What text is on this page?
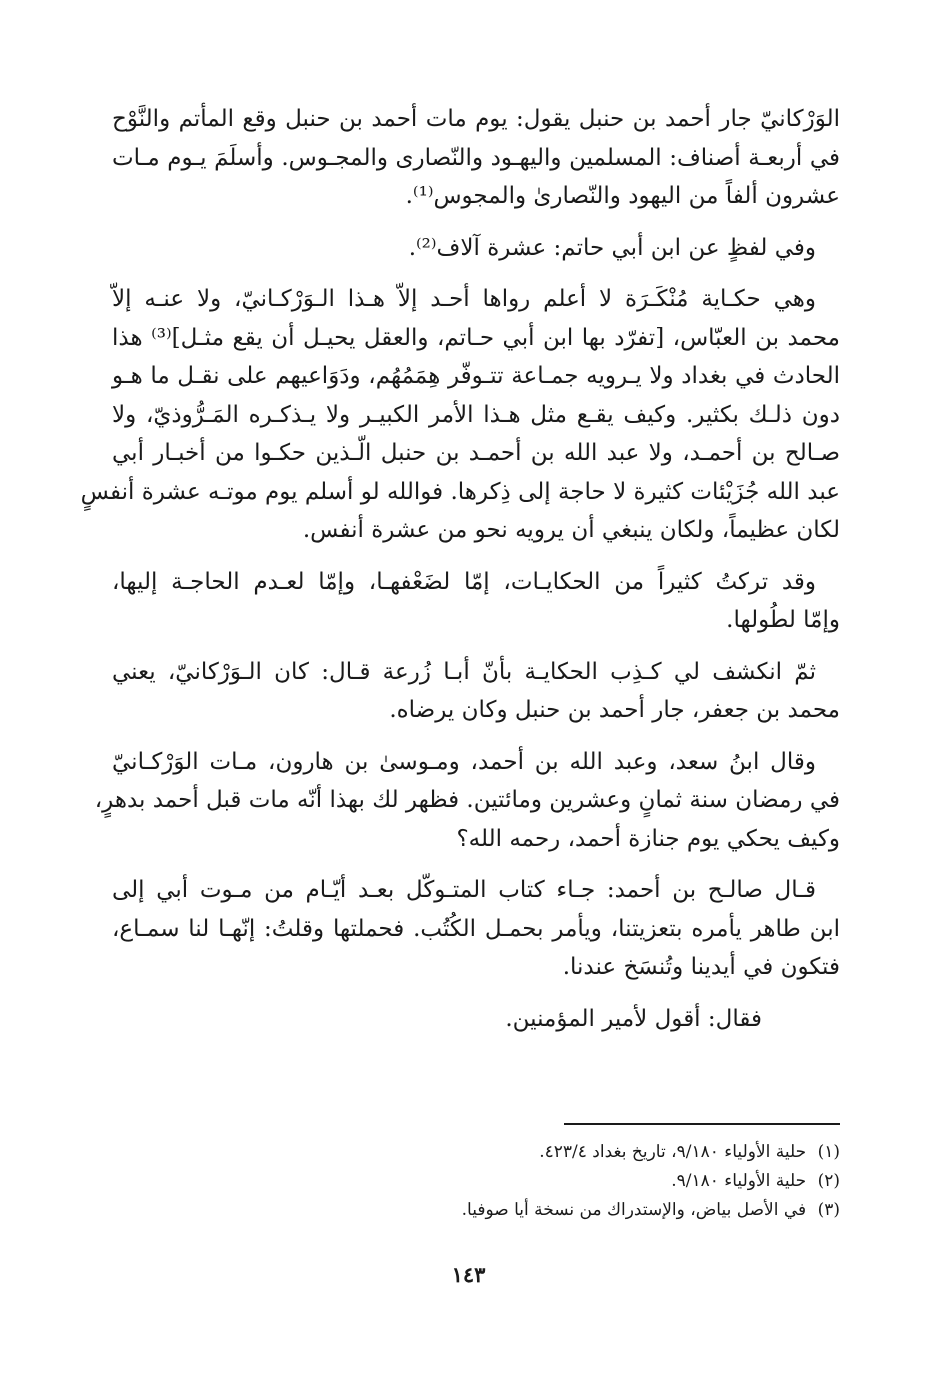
الوَرْكانيّ جار أحمد بن حنبل يقول: يوم مات أحمد بن حنبل وقع المأتم والنَّوْح
في أربعـة أصناف: المسلمين واليهـود والنّصارى والمجـوس. وأسلَمَ يـوم مـات
عشرون ألفاً من اليهود والنّصارىٰ والمجوس⁽¹⁾.

وفي لفظٍ عن ابن أبي حاتم: عشرة آلاف⁽²⁾.

وهي حكـاية مُنْكَـرَة لا أعلم رواها أحـد إلاّ هـذا الـوَرْكـانيّ، ولا عنـه إلاّ
محمد بن العبّاس، [تفرّد بها ابن أبي حـاتم، والعقل يحيـل أن يقع مثـل]⁽³⁾ هذا
الحادث في بغداد ولا يـرويه جمـاعة تتـوفّر هِمَمُهُم، ودَوَاعيهم على نقـل ما هـو
دون ذلـك بكثير. وكيف يقـع مثل هـذا الأمر الكبيـر ولا يـذكـره المَـرُّوذيّ، ولا
صـالح بن أحمـد، ولا عبد الله بن أحمـد بن حنبل الّـذين حكـوا من أخبـار أبي
عبد الله جُزَيْئات كثيرة لا حاجة إلى ذِكرها. فوالله لو أسلم يوم موتـه عشرة أنفسٍ
لكان عظيماً، ولكان ينبغي أن يرويه نحو من عشرة أنفس.

وقد تركتُ كثيراً من الحكايـات، إمّا لضَعْفهـا، وإمّا لعـدم الحاجـة إليها،
وإمّا لطُولها.

ثمّ انكشف لي كـذِب الحكايـة بأنّ أبـا زُرعة قـال: كان الـوَرْكانيّ، يعني
محمد بن جعفر، جار أحمد بن حنبل وكان يرضاه.

وقال ابنُ سعد، وعبد الله بن أحمد، ومـوسىٰ بن هارون، مـات الوَرْكـانيّ
في رمضان سنة ثمانٍ وعشرين ومائتين. فظهر لك بهذا أنّه مات قبل أحمد بدهرٍ،
وكيف يحكي يوم جنازة أحمد، رحمه الله؟

قـال صالـح بن أحمد: جـاء كتاب المتـوكّل بعـد أيّـام من مـوت أبي إلى
ابن طاهر يأمره بتعزيتنا، ويأمر بحمـل الكُتُب. فحملتها وقلتُ: إنّهـا لنا سمـاع،
فتكون في أيدينا وتُنسَخ عندنا.

فقال: أقول لأمير المؤمنين.

(١) حلية الأولياء ٩/١٨٠، تاريخ بغداد ٤٢٣/٤.
(٢) حلية الأولياء ٩/١٨٠.
(٣) في الأصل بياض، والإستدراك من نسخة أيا صوفيا.
١٤٣
